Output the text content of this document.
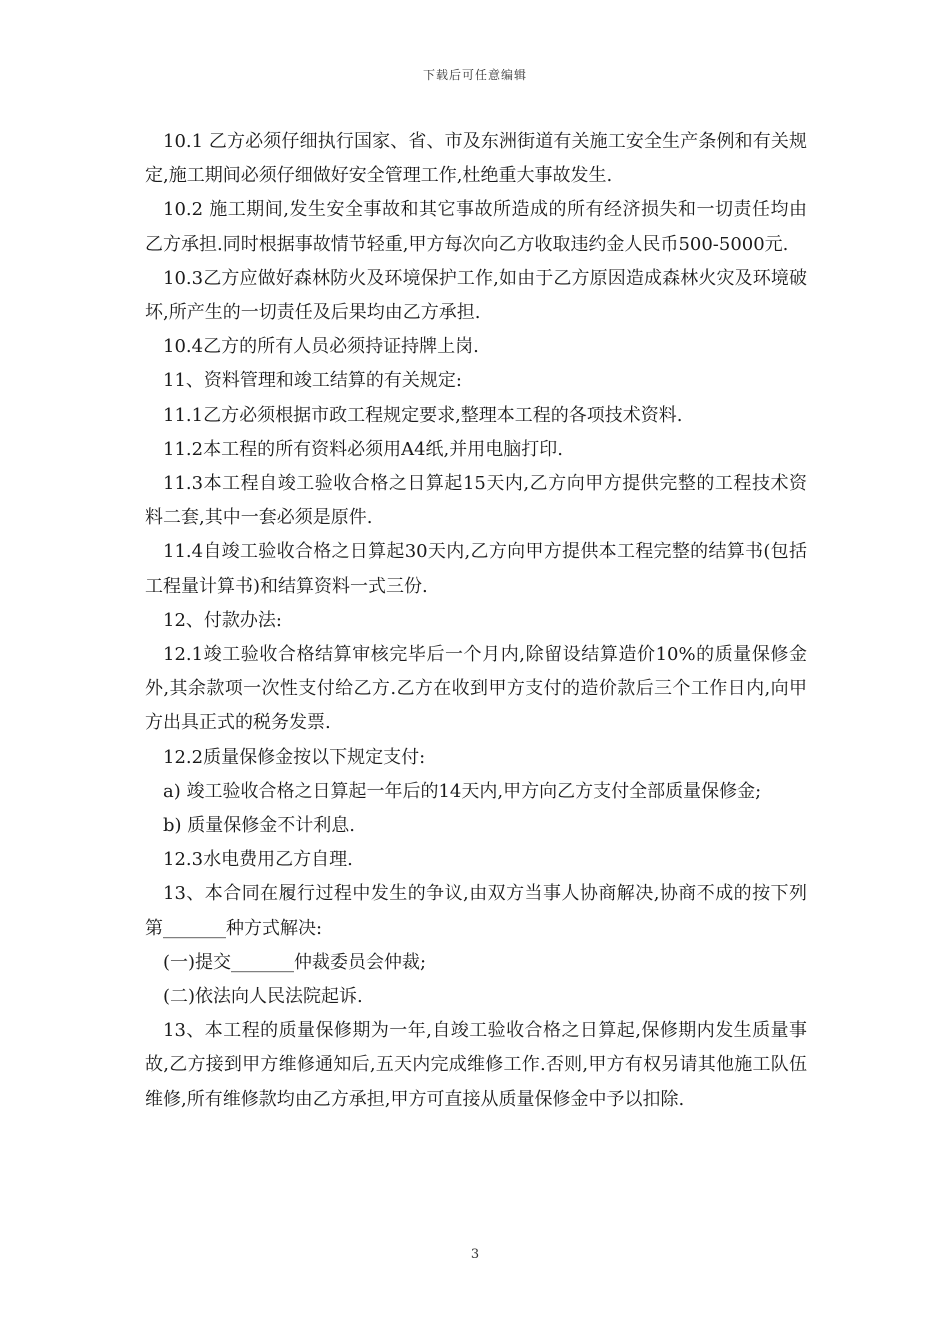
下载后可任意编辑

10.1 乙方必须仔细执行国家、省、市及东洲街道有关施工安全生产条例和有关规定,施工期间必须仔细做好安全管理工作,杜绝重大事故发生.

10.2 施工期间,发生安全事故和其它事故所造成的所有经济损失和一切责任均由乙方承担.同时根据事故情节轻重,甲方每次向乙方收取违约金人民币500-5000元.

10.3乙方应做好森林防火及环境保护工作,如由于乙方原因造成森林火灾及环境破坏,所产生的一切责任及后果均由乙方承担.

10.4乙方的所有人员必须持证持牌上岗.

11、资料管理和竣工结算的有关规定:

11.1乙方必须根据市政工程规定要求,整理本工程的各项技术资料.

11.2本工程的所有资料必须用A4纸,并用电脑打印.

11.3本工程自竣工验收合格之日算起15天内,乙方向甲方提供完整的工程技术资料二套,其中一套必须是原件.

11.4自竣工验收合格之日算起30天内,乙方向甲方提供本工程完整的结算书(包括工程量计算书)和结算资料一式三份.

12、付款办法:

12.1竣工验收合格结算审核完毕后一个月内,除留设结算造价10%的质量保修金外,其余款项一次性支付给乙方.乙方在收到甲方支付的造价款后三个工作日内,向甲方出具正式的税务发票.

12.2质量保修金按以下规定支付:

a) 竣工验收合格之日算起一年后的14天内,甲方向乙方支付全部质量保修金;

b) 质量保修金不计利息.

12.3水电费用乙方自理.

13、本合同在履行过程中发生的争议,由双方当事人协商解决,协商不成的按下列第_______种方式解决:

(一)提交_______仲裁委员会仲裁;

(二)依法向人民法院起诉.

13、本工程的质量保修期为一年,自竣工验收合格之日算起,保修期内发生质量事故,乙方接到甲方维修通知后,五天内完成维修工作.否则,甲方有权另请其他施工队伍维修,所有维修款均由乙方承担,甲方可直接从质量保修金中予以扣除.

3
